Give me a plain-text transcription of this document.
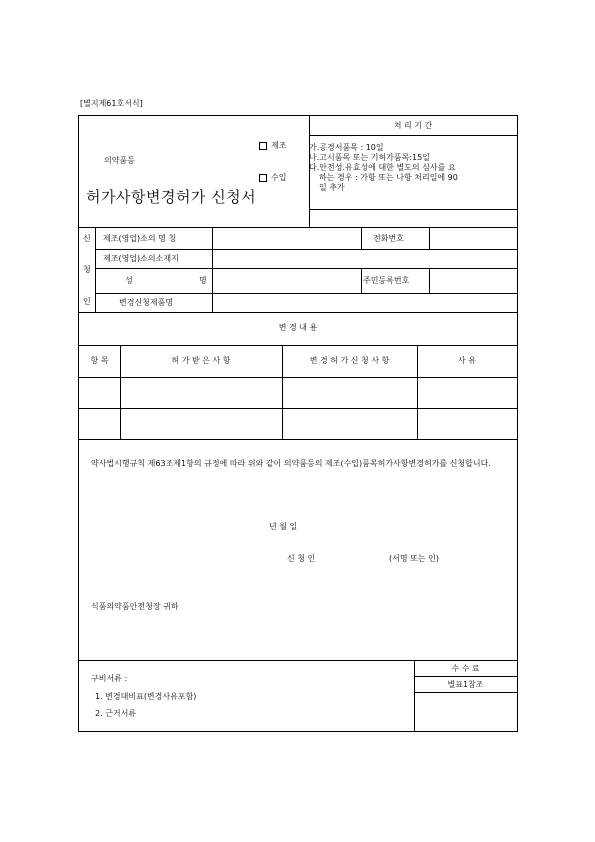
[별지제61호서식]
의약품등
제조
수입
허가사항변경허가 신청서
처 리 기 간
가.공경서품목 : 10일
나.고시품목 또는 기허가품목:15일
다.안전성.유효성에 대한 별도의 심사를 요
하는 경우 : 가항 또는 나항 처리일에 90
일 추가
신
청
인
제조(영업)소의 명 칭	전화번호
제조(영업)소의소재지
성	명	주민등록번호
변경신청제품명
변 경 내 용
항 목	허 가 받 은 사 항	변 경 허 가 신 청 사 항	사 유
약사법시행규칙 제63조제1항의 규정에 따라 위와 같이 의약품등의 제조(수입)품목허가사항변경허가를 신청합니다.
년 월 일
신 청 인	(서명 또는 인)
식품의약품안전청장 귀하
수 수 료
별표1참조
구비서류 :
1. 변경대비표(변경사유포함)
2. 근거서류
